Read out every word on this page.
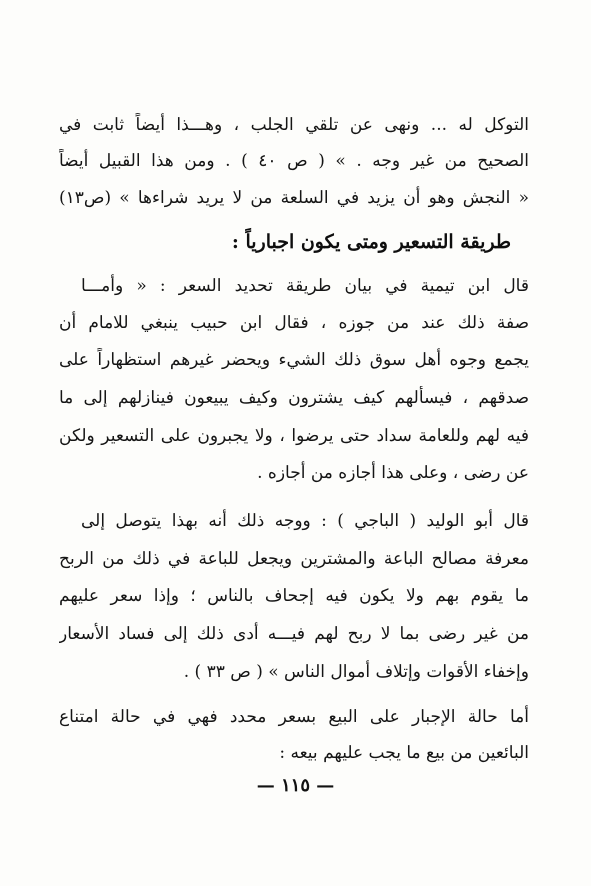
التوكل له ... ونهى عن تلقي الجلب ، وهـــذا أيضاً ثابت في
الصحيح من غير وجه . » ( ص ٤٠ ) . ومن هذا القبيل أيضاً
« النجش وهو أن يزيد في السلعة من لا يريد شراءها » (ص١٣)
طريقة التسعير ومتى يكون اجبارياً :
قال ابن تيمية في بيان طريقة تحديد السعر : « وأمـــا
صفة ذلك عند من جوزه ، فقال ابن حبيب ينبغي للامام أن
يجمع وجوه أهل سوق ذلك الشيء ويحضر غيرهم استظهاراً على
صدقهم ، فيسألهم كيف يشترون وكيف يبيعون فينازلهم إلى ما
فيه لهم وللعامة سداد حتى يرضوا ، ولا يجبرون على التسعير ولكن
عن رضى ، وعلى هذا أجازه من أجازه .
قال أبو الوليد ( الباجي ) : ووجه ذلك أنه بهذا يتوصل إلى
معرفة مصالح الباعة والمشترين ويجعل للباعة في ذلك من الربح
ما يقوم بهم ولا يكون فيه إجحاف بالناس ؛ وإذا سعر عليهم
من غير رضى بما لا ربح لهم فيـــه أدى ذلك إلى فساد الأسعار
وإخفاء الأقوات وإتلاف أموال الناس » ( ص ٣٣ ) .
أما حالة الإجبار على البيع بسعر محدد فهي في حالة امتناع
البائعين من بيع ما يجب عليهم بيعه :
— ١١٥ —
